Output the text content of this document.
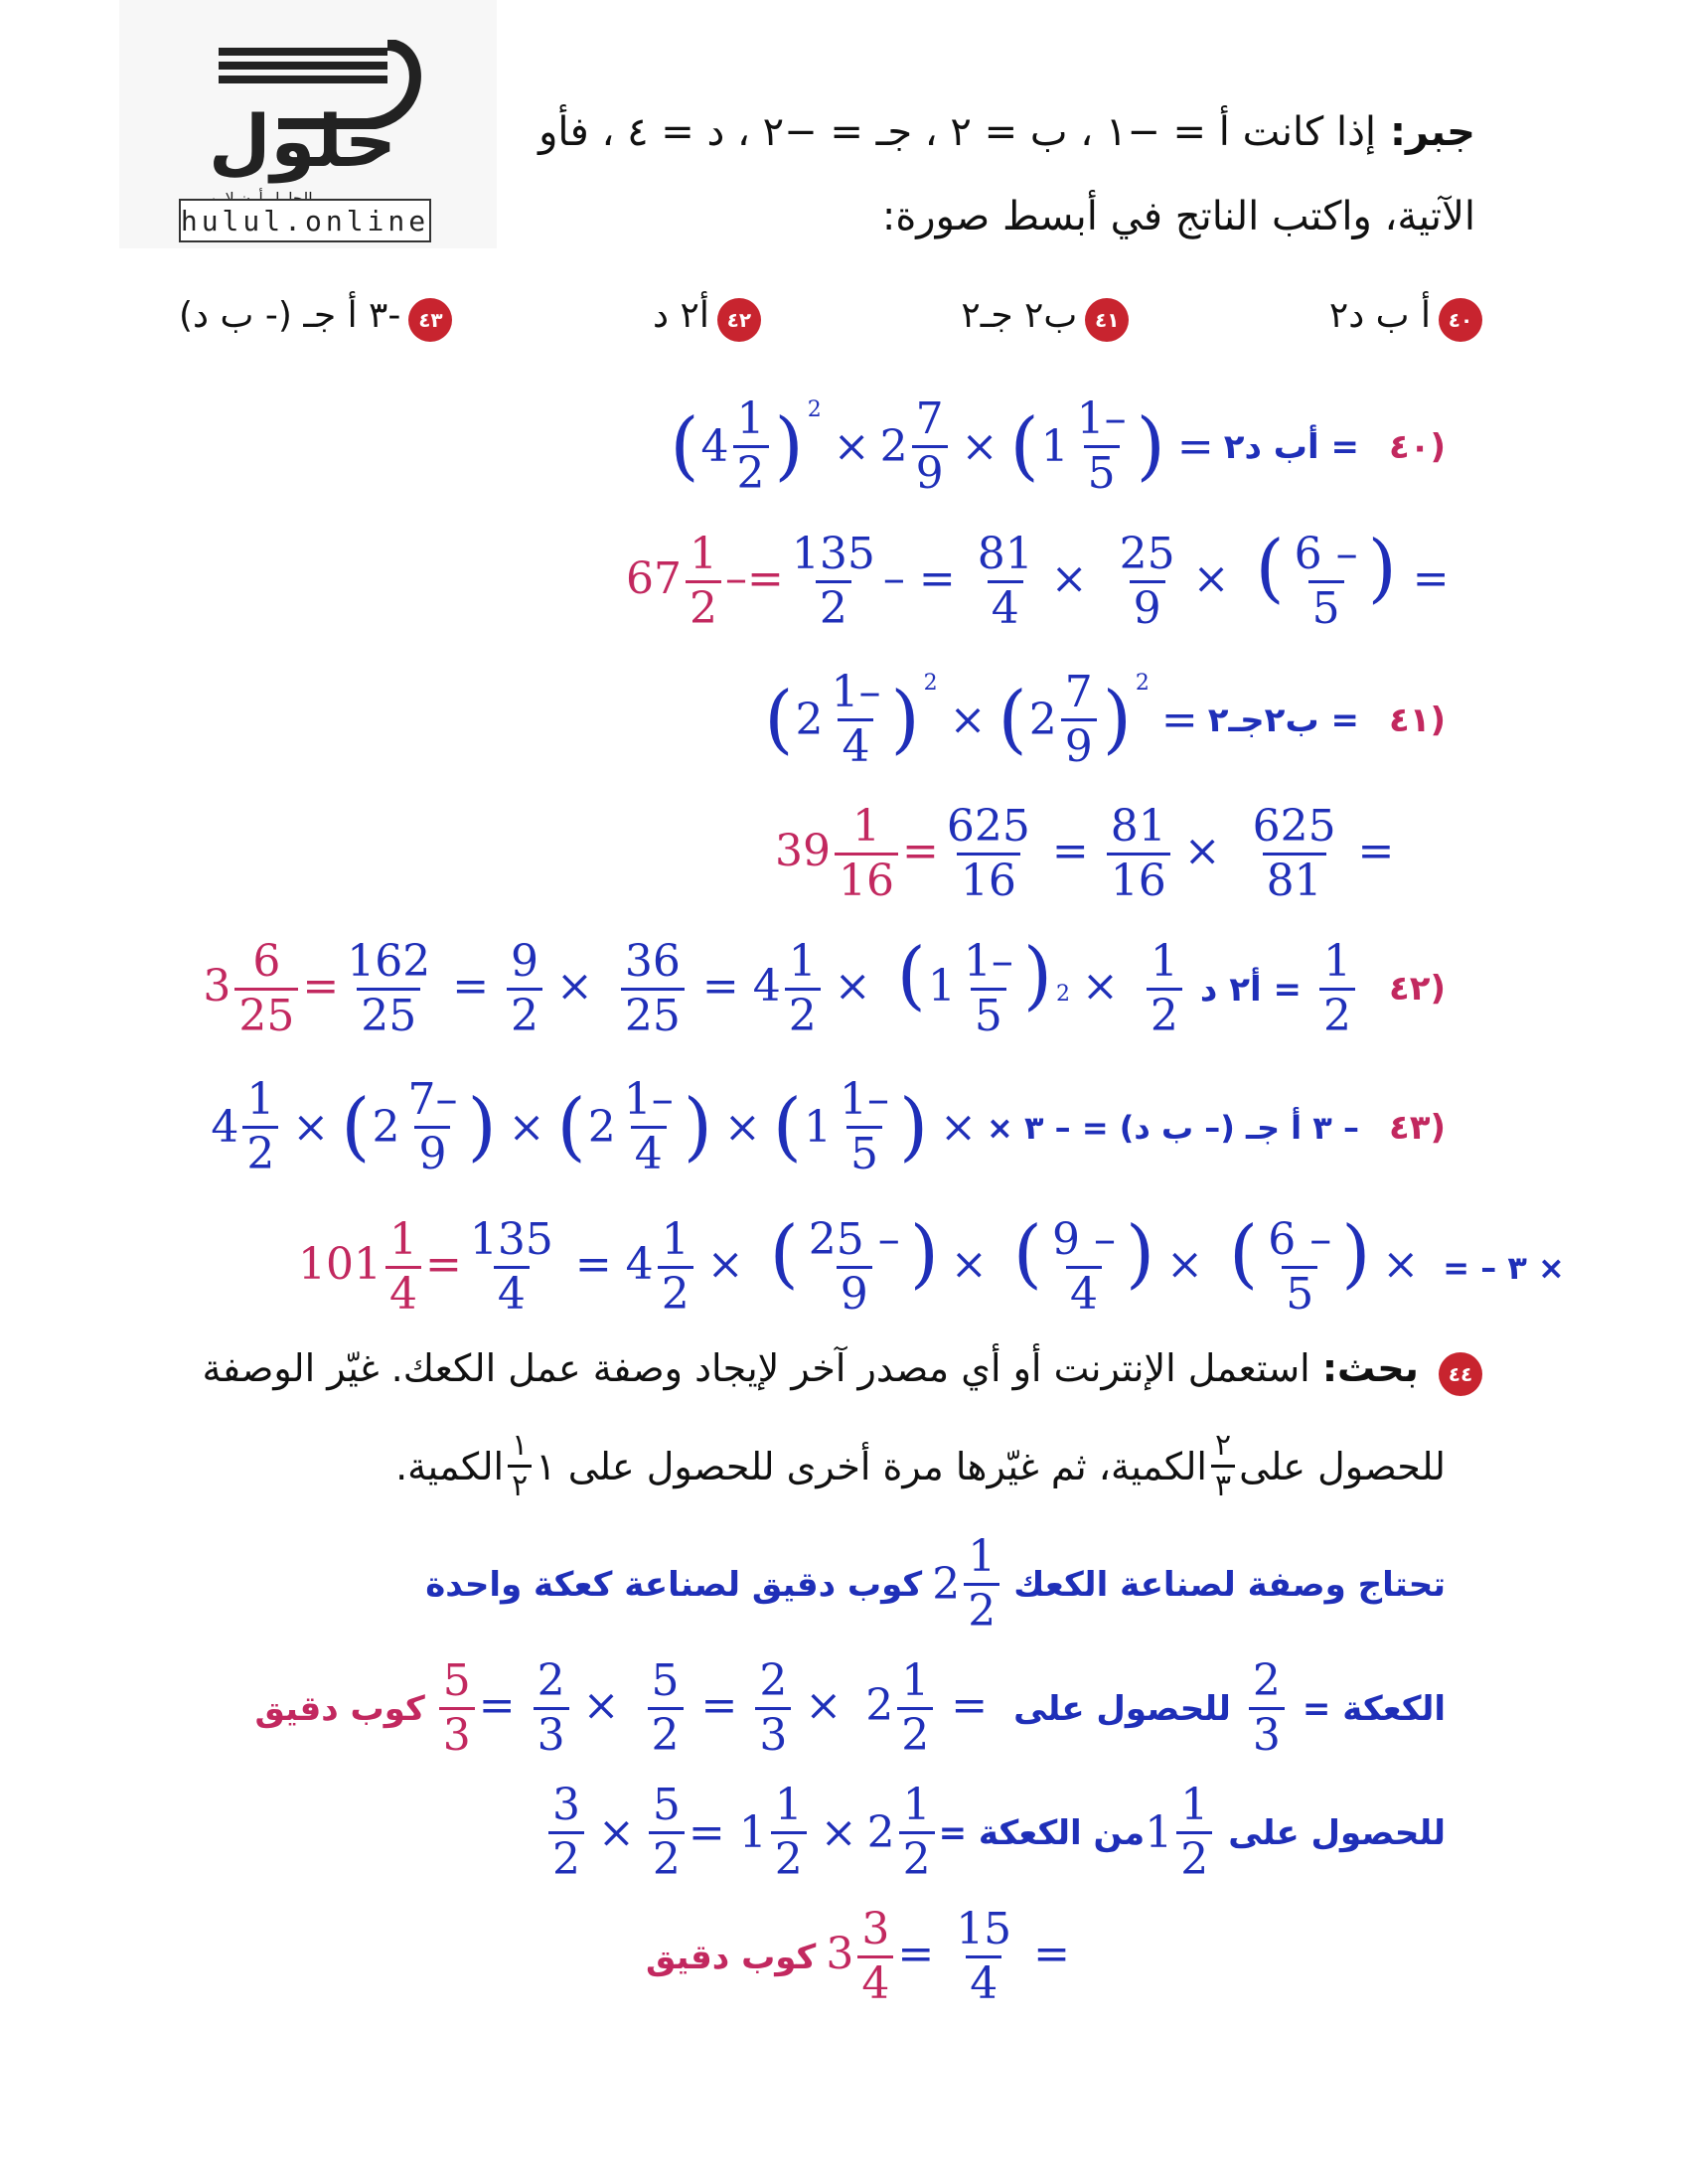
حلول
hulul.online
جبر: إذا كانت أ = −١ ، ب = ٢ ، جـ = −٢ ، د = ٤ ، فأو
الآتية، واكتب الناتج في أبسط صورة:
٤٠أ ب د٢
٤١ب٢ جـ٢
٤٢أ٢ د
٤٣-٣ أ جـ (- ب د)
( $4 \frac{1}{2}$ ) 2
× $2 \frac{7}{9}$ × ( $1 \frac{1-}{5}$ ) = أب د٢ = ٤٠)
$67 \frac{1}{2} -= \frac{135}{2}$ – = $\frac{81}{4} \times \frac{25}{9}$ × ( $\frac{6 -}{5}$ ) =
( $2 \frac{1-}{4}$ ) 2
× ( $2 \frac{7}{9}$ ) 2
= ب٢جـ٢ = ٤١)
$39 \frac{1}{16} = \frac{625}{16} = \frac{81}{16} \times \frac{625}{81}$ =
$3 \frac{6}{25} = \frac{162}{25} = \frac{9}{2} \times \frac{36}{25} = 4 \frac{1}{2} \times (1 \frac{1-}{5}$ ) $2 \times \frac{1}{2}$ أ٢ د = $\frac{1}{2}$ ٤٢)
$4 \frac{1}{2}$ × ( $2 \frac{7-}{9}$ ) × ( $2 \frac{1-}{4}$ ) × ( $1 \frac{1-}{5}$ ) × – ٣ أ جـ (– ب د) = – ٣ × ٤٣)
$101 \frac{1}{4} = \frac{135}{4} = 4 \frac{1}{2}$ × ( $\frac{25 -}{9}$ ) × ( $\frac{9 -}{4}$ ) × ( $\frac{6 -}{5}$ ) × = – ٣ ×
٤٤ بحث: استعمل الإنترنت أو أي مصدر آخر لإيجاد وصفة عمل الكعك. غيّر الوصفة
للحصول على
$\frac{٢}{٣}$
الكمية، ثم غيّرها مرة أخرى للحصول على ١
$\frac{١}{٢}$
الكمية.
تحتاج وصفة لصناعة الكعك
$2 \frac{1}{2}$
كوب دقيق لصناعة كعكة واحدة
كوب دقيق $\frac{5}{3} = \frac{2}{3} \times \frac{5}{2} = \frac{2}{3} \times 2 \frac{1}{2}$ =	الكعكة =
$\frac{2}{3}$
للحصول على
$\frac{3}{2} \times \frac{5}{2} = 1 \frac{1}{2} \times 2 \frac{1}{2}$ من الكعكة = $1 \frac{1}{2}$ للحصول على
كوب دقيق $3 \frac{3}{4} = \frac{15}{4}$ =
